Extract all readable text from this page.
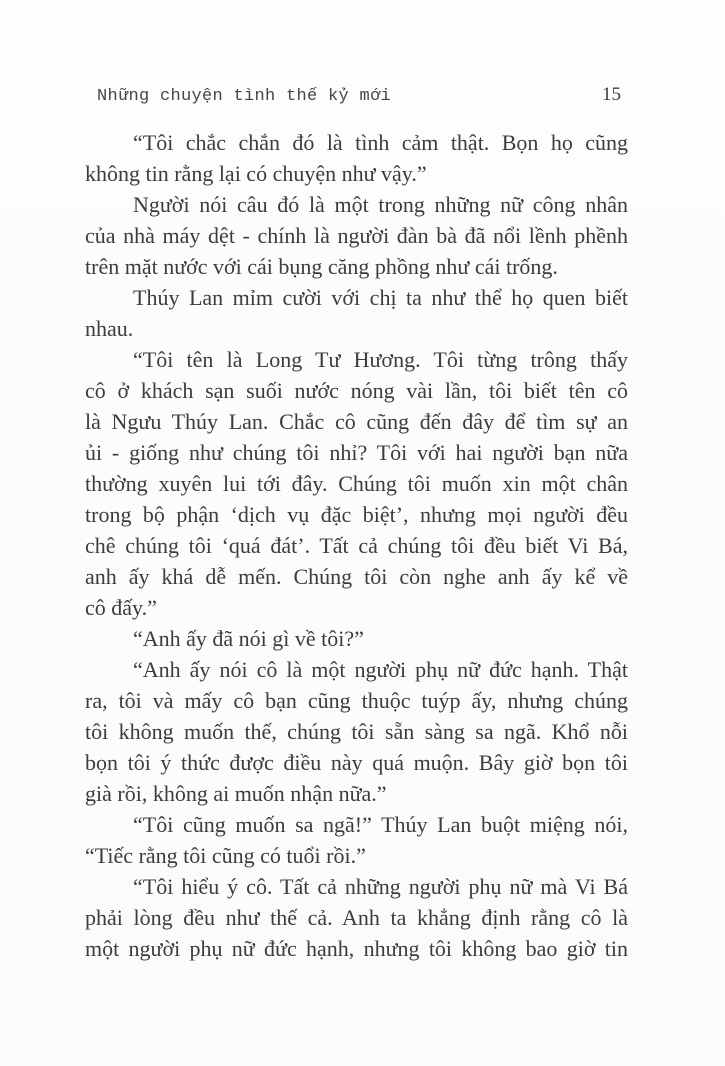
Những chuyện tình thế kỷ mới	15
“Tôi chắc chắn đó là tình cảm thật. Bọn họ cũng
không tin rằng lại có chuyện như vậy.”
Người nói câu đó là một trong những nữ công nhân
của nhà máy dệt - chính là người đàn bà đã nổi lềnh phềnh
trên mặt nước với cái bụng căng phồng như cái trống.
Thúy Lan mỉm cười với chị ta như thể họ quen biết
nhau.
“Tôi tên là Long Tư Hương. Tôi từng trông thấy
cô ở khách sạn suối nước nóng vài lần, tôi biết tên cô
là Ngưu Thúy Lan. Chắc cô cũng đến đây để tìm sự an
ủi - giống như chúng tôi nhỉ? Tôi với hai người bạn nữa
thường xuyên lui tới đây. Chúng tôi muốn xin một chân
trong bộ phận ‘dịch vụ đặc biệt’, nhưng mọi người đều
chê chúng tôi ‘quá đát’. Tất cả chúng tôi đều biết Vi Bá,
anh ấy khá dễ mến. Chúng tôi còn nghe anh ấy kể về
cô đấy.”
“Anh ấy đã nói gì về tôi?”
“Anh ấy nói cô là một người phụ nữ đức hạnh. Thật
ra, tôi và mấy cô bạn cũng thuộc tuýp ấy, nhưng chúng
tôi không muốn thế, chúng tôi sẵn sàng sa ngã. Khổ nỗi
bọn tôi ý thức được điều này quá muộn. Bây giờ bọn tôi
già rồi, không ai muốn nhận nữa.”
“Tôi cũng muốn sa ngã!” Thúy Lan buột miệng nói,
“Tiếc rằng tôi cũng có tuổi rồi.”
“Tôi hiểu ý cô. Tất cả những người phụ nữ mà Vi Bá
phải lòng đều như thế cả. Anh ta khẳng định rằng cô là
một người phụ nữ đức hạnh, nhưng tôi không bao giờ tin
